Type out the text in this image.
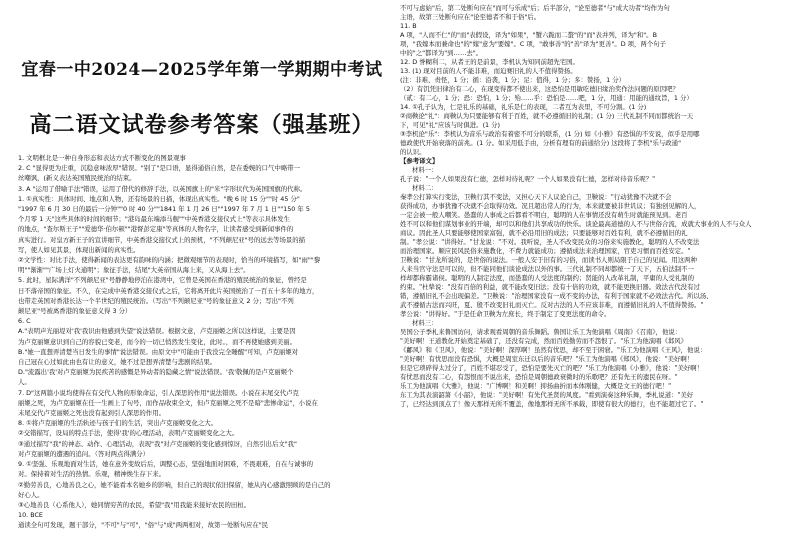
宜春一中2024—2025学年第一学期期中考试
高二语文试卷参考答案（强基班）
1. 文明框北是一种自身形态和表达方式不断变化的图景观事
2. C "显得更为庄重，沉稳意味浓厚"错误。"别了"是口语，显得通俗自然，是在委婉的口气中略带一
丝嘲讽，(新义表达英国殖民统治的结束。
3. A "运用了借喻手法"错误，运用了借代的修辞手法，以英国旗上的"米"字形状代为英国国旗的代称。
1. ①真实性：具体时间、地点和人物，还有场景的日描，体现出真实性。"晚 6 时 15 分""时 45 分"
"1997 年 6 月 30 日的最后一分钟""0 时 40 分""1841 年 1 月 26 日""1997 年 7 月 1 日""150 年 5
个月零 1 天"这些具体的时间的细节；"港岛最东端添马舰""中英香港交接仪式上"等表示具体发生
的地点，"查尔斯王子""爱德华·伯尔顿""港督彭定康"等真体的人物名字，让读者感受到新闻事件的
真实进行。对皇方新王子的宣讲细节，中英香港交接仪式上的预机，"不列颠尼亚"号的远去等场景的描
写，使人如见其景，体现出新闻的真实性。
②文学性：对比手法，使得新闻的表达更有韵味的内涵；把微观细节的表现时，恰当的环境描写，如"雨""黎
明""渐渐""广场上灯火通明"；象征手法，结尾"大英帝国从海上来，又从海上去"。
5. 此时，星际满洋"不列颠尼亚"号静静地停泊在港湾中，它曾是英国在香港的殖民统治的象征，曾经是
日不落帝国的象征。不久，在完成中英香港交接仪式之后，它将离开此片英国统治了一百五十多年的地方，
也带走英国对香港长达一个半世纪的殖民统治。（写出"不列颠尼亚"号的象征意义 2 分；写出"不列
颠尼亚"号被离香港的象征意义得 3 分）
6. C
A."表明声光丽堤对'我'我识由他感到失望"说法错误。根据文意，卢克丽姬之所以这样说，主要是因
为卢克丽姬意识到自己的容貌已变老，而今的一切已悄然发生变化，此时。，而不再使她感到美丽。
B."她一直想弄清楚当日发生的事情"说法错误。由原文中"可能由于我没完全睡醒"可知，卢克丽姬对
自己冠在心过如此由也有让的意义，她不过是想弄清楚与悲剧的结果。
D."流露出'我'对卢克丽姬为民疾苦的感慨是异动者的隐藏之情"说法错误。'我'敬佩的是卢克丽姬个
人。
7. D"这两篇小说均使得在有交代人物的形象命运，引人深思的作用"说法错误。小说在末尾交代卢克
丽姬之死，为卢克丽姬在任一生画上了句号，而作品收束全文，但卢克丽姬之死不是暗"悲惨命运"，小说在
末尾交代卢克丽姬之死也没有起到引人深思的作用。
8. ①将卢克丽姬的生活轨迹与孩子们的生活，突出卢克丽姬变化之大。
②交错描写，设局的特点手法，使得'我'的心理活动，表明卢克丽姬变化之大。
③通过描写"我"的神态、动作、心理活动，表现"我"对卢克丽姬的变化感到惊讶，自然引出后文"我"
对卢克丽姬的遭遇的追问。（答对两点得满分）
9. ①坚强、乐观地面对生活，她在意外变故后后，调整心态，坚强地面对困难，不畏艰难，自在与诚事的
对。保持着对生活的热情。乐观，精神焕生存下来。
②勤劳善良，心地善良之心，她不能看本名她乡的影响，但自己的现状依旧保留，她从内心感激照顾的是自己的
好心人。
③心地善良（心系他人），她同情穷苦的农民，希望"我"用我能来接好农民的田桓。
10. BCE
通读全句可发现，题干部分，"不可"与"可"，"俗"与"成"两两相对，故第一处断句应在"民
不可与虑始"后，第二处断句应在"而可与乐成"后；后半部分，"论至德者"与"成大功者"均作为句
主语，故第三处断句应在"论至德者不和于俗"后。
11. B
A 项，"人而不仁"的"而"表假设，译为"如果"，"蟹六跪而二螯"的"而"表并列，译为"和"。B
项，"我嫁本而兼命也"的"嫁"意为"要嫁"。C 项，"敢事善"的"善"译为"更善"。D 项，两个句子
中的"之"都译为"到……去"。
12. D 誉糊利二，从者王的是前景，李机认为知同前超先宅国。
13. (1) 现对目前的人不能非难，而迫赛旧礼的人不值得赞扬。
(注：非难、责怪，1 分；循：沿袭，1 分；足：值得，1 分；多：赞扬，1 分）
（2）有饥凭旧律治有二心，在现变得都不使出来，这恐怕是用敏吃德旧缘治奖作法问题的原因吧？
（贰：有二心，1 分；恐：恐怕，1 分；殆……乎：恐怕是……吧，1 分，用通：用能的通纹旨，1 分）
14. ①孔子认为，仁是礼乐的基础，礼乐是仁的表现，二者互为表里，不可分割。(1 分)
②商鞅论"礼"：商鞅认为只要能够有利于百姓，就不必遵循旧的礼制；(1 分) 三代礼制不同而都统治一天
下，可见"礼"应该与时俱进。(1 分)
③李机论"乐"：李机认为音乐与政治有着密不可分的联系，(1 分) 如《小雅》有恐惧的不安说，似乎是用哪
德政使代开始衰落的前兆。(1 分。如采用低手由，分析有理有的前通给分) 这段将了李机"乐与政通"
的认识。
【参考译文】
材料一：
孔子说："一个人如果没有仁德，怎样对待礼呢？一个人如果没有仁德，怎样对待音乐呢？"
材料二：
秦孝公打算实行变法，卫鞅行其不变法，又担心天下人议论自己，卫鞅说："行动犹豫不决就不会
获得成功，办事犹豫不决就不会取得功效。况且超出常人的行为，本来就要被非世讥议；有独创见解的人，
一定会被一般人嘲笑。愚蠢的人事成之后都看不明白，聪明的人在事情还没有萌生时就能预见到。老百
姓不可以和他们谋划事业的开端，却可以和他们共享成功的快乐。谈论最高道德的人不与世俗合流，成就大事业的人不与众人
商议。因此圣人只要能够使国家富强，就不必沿用旧的成法；只要能够对百姓有利，就不必遵循旧的礼
制。"孝公说："讲得好。"甘龙说："不对。我听说，圣人不改变民众的习俗来实施教化，聪明的人不改变法
而治理国家。顺应民风民俗来施教化，不费力就能成功；遵循成法来治理国家，官吏习惯而百姓安定。"
卫鞅说："甘龙所说的，是世俗的说法。一般人安于旧有的习俗，而读书人则局限于自己的见闻。用这两种
人来当官守法是可以的，但不能同他们谈论成法以外的事。三代礼制不同却都统一了天下，五伯法制不一
样却都称霸诸侯。聪明的人制定法度，而愚蠢的人受法度的制约；贤能的人改革礼制，平庸的人受礼制的
约束。"杜挚说："没有百倍的利益，就不能改变旧法；没有十倍的功效，就不能更换旧器。效法古代没有过
错，遵循旧礼不会出现偏差。"卫鞅说："治理国家没有一成不变的办法，有利于国家就不必效法古代。所以汤、
武不遵循古法而兴旺，夏、殷不改变旧礼而灭亡。反对古法的人不应该非难，而遵循旧礼的人不值得赞扬。"
孝公说："讲得好。"于是任命卫鞅为左庶长，终于制定了变更法度的命令。
材料三：
吴国公子季札来鲁国访问，请求观看周朝的音乐舞蹈。鲁国让乐工为他演唱《周南》《召南》，他说：
"美好啊！王道教化开始奠定基础了，还没有完成，然而百姓勤劳而不怨恨了。"乐工为他演唱《邶风》
《鄘风》和《卫风》，他说："美好啊！深厚啊！虽然有忧思，却不至于困窘。"乐工为他演唱《王风》，他说：
"美好啊！有忧思而没有恐惧，大概是周室东迁以后的音乐吧？"乐工为他演唱《郑风》，他说："美好啊！
但是它琐碎得太过分了，百姓不堪忍受了，恐怕是要先灭亡的吧？"乐工为他演唱《小雅》，他说："美好啊！
有忧思而没有二心，有怨恨而不说出来，恐怕是周朝德政衰微时的乐歌吧？还有先王的遗民在呀。"
乐工为他演唱《大雅》，他说："广博啊！和美啊！抑扬曲折而本体刚健，大概是文王的德行吧！"
东工为其表演韶箫《小韶》，他说："美好啊！有先代圣贤的风度。"看到演奏这种乐舞，季札说道："美好
了，已经达到顶点了！像天那样无所不覆盖，像地那样无所不承载，即使有很大的德行，也不能超过它了。"
